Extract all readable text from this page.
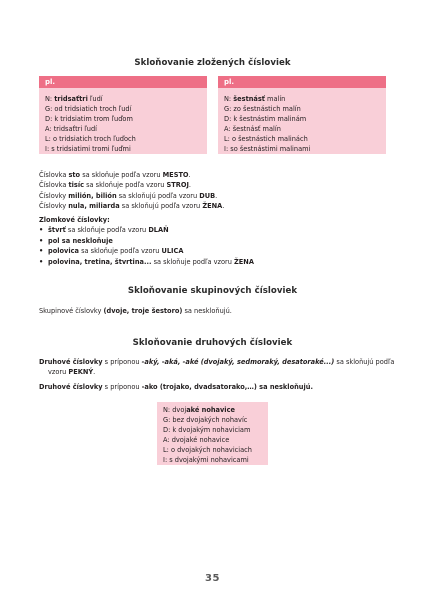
Skloňovanie zložených čísloviek
pl.
N: tridsaťtri ľudí
G: od tridsiatich troch ľudí
D: k tridsiatim trom ľuďom
A: tridsaťtri ľudí
L: o tridsiatich troch ľuďoch
I: s tridsiatimi tromi ľuďmi
pl.
N: šestnásť malín
G: zo šestnástich malín
D: k šestnástim malinám
A: šestnásť malín
L: o šestnástich malinách
I: so šestnástimi malinami
Číslovka sto sa skloňuje podľa vzoru MESTO.
Číslovka tisíc sa skloňuje podľa vzoru STROJ.
Číslovky milión, bilión sa skloňujú podľa vzoru DUB.
Číslovky nula, miliarda sa skloňujú podľa vzoru ŽENA.
Zlomkové číslovky:
• štvrť sa skloňuje podľa vzoru DLAŇ
• pol sa neskloňuje
• polovica sa skloňuje podľa vzoru ULICA
• polovina, tretina, štvrtina... sa skloňuje podľa vzoru ŽENA
Skloňovanie skupinových čísloviek
Skupinové číslovky (dvoje, troje šestoro) sa neskloňujú.
Skloňovanie druhových čísloviek
Druhové číslovky s príponou -aký, -aká, -aké (dvojaký, sedmoraký, desatoraké...) sa skloňujú podľa
vzoru PEKNÝ.
Druhové číslovky s príponou -ako (trojako, dvadsatorako,…) sa neskloňujú.
N: dvojaké nohavice
G: bez dvojakých nohavíc
D: k dvojakým nohaviciam
A: dvojaké nohavice
L: o dvojakých nohaviciach
I: s dvojakými nohavicami
35
